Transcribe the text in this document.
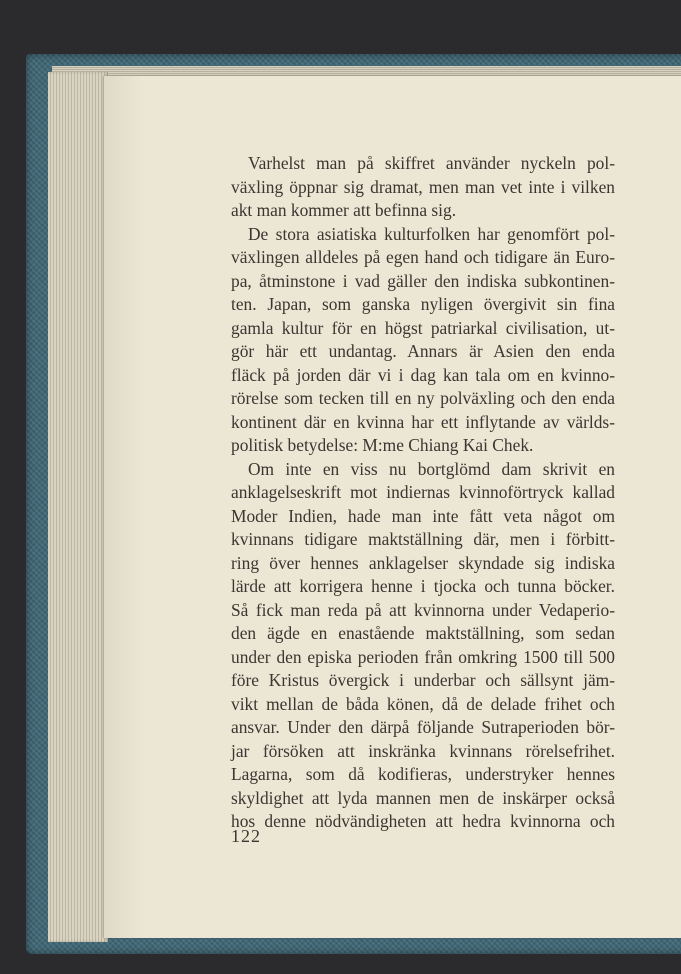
Varhelst man på skiffret använder nyckeln pol-
växling öppnar sig dramat, men man vet inte i vilken
akt man kommer att befinna sig.

De stora asiatiska kulturfolken har genomfört pol-
växlingen alldeles på egen hand och tidigare än Euro-
pa, åtminstone i vad gäller den indiska subkontinen-
ten. Japan, som ganska nyligen övergivit sin fina
gamla kultur för en högst patriarkal civilisation, ut-
gör här ett undantag. Annars är Asien den enda
fläck på jorden där vi i dag kan tala om en kvinno-
rörelse som tecken till en ny polväxling och den enda
kontinent där en kvinna har ett inflytande av världs-
politisk betydelse: M:me Chiang Kai Chek.

Om inte en viss nu bortglömd dam skrivit en
anklagelseskrift mot indiernas kvinnoförtryck kallad
Moder Indien, hade man inte fått veta något om
kvinnans tidigare maktställning där, men i förbitt-
ring över hennes anklagelser skyndade sig indiska
lärde att korrigera henne i tjocka och tunna böcker.
Så fick man reda på att kvinnorna under Vedaperio-
den ägde en enastående maktställning, som sedan
under den episka perioden från omkring 1500 till 500
före Kristus övergick i underbar och sällsynt jäm-
vikt mellan de båda könen, då de delade frihet och
ansvar. Under den därpå följande Sutraperioden bör-
jar försöken att inskränka kvinnans rörelsefrihet.
Lagarna, som då kodifieras, understryker hennes
skyldighet att lyda mannen men de inskärper också
hos denne nödvändigheten att hedra kvinnorna och

122
